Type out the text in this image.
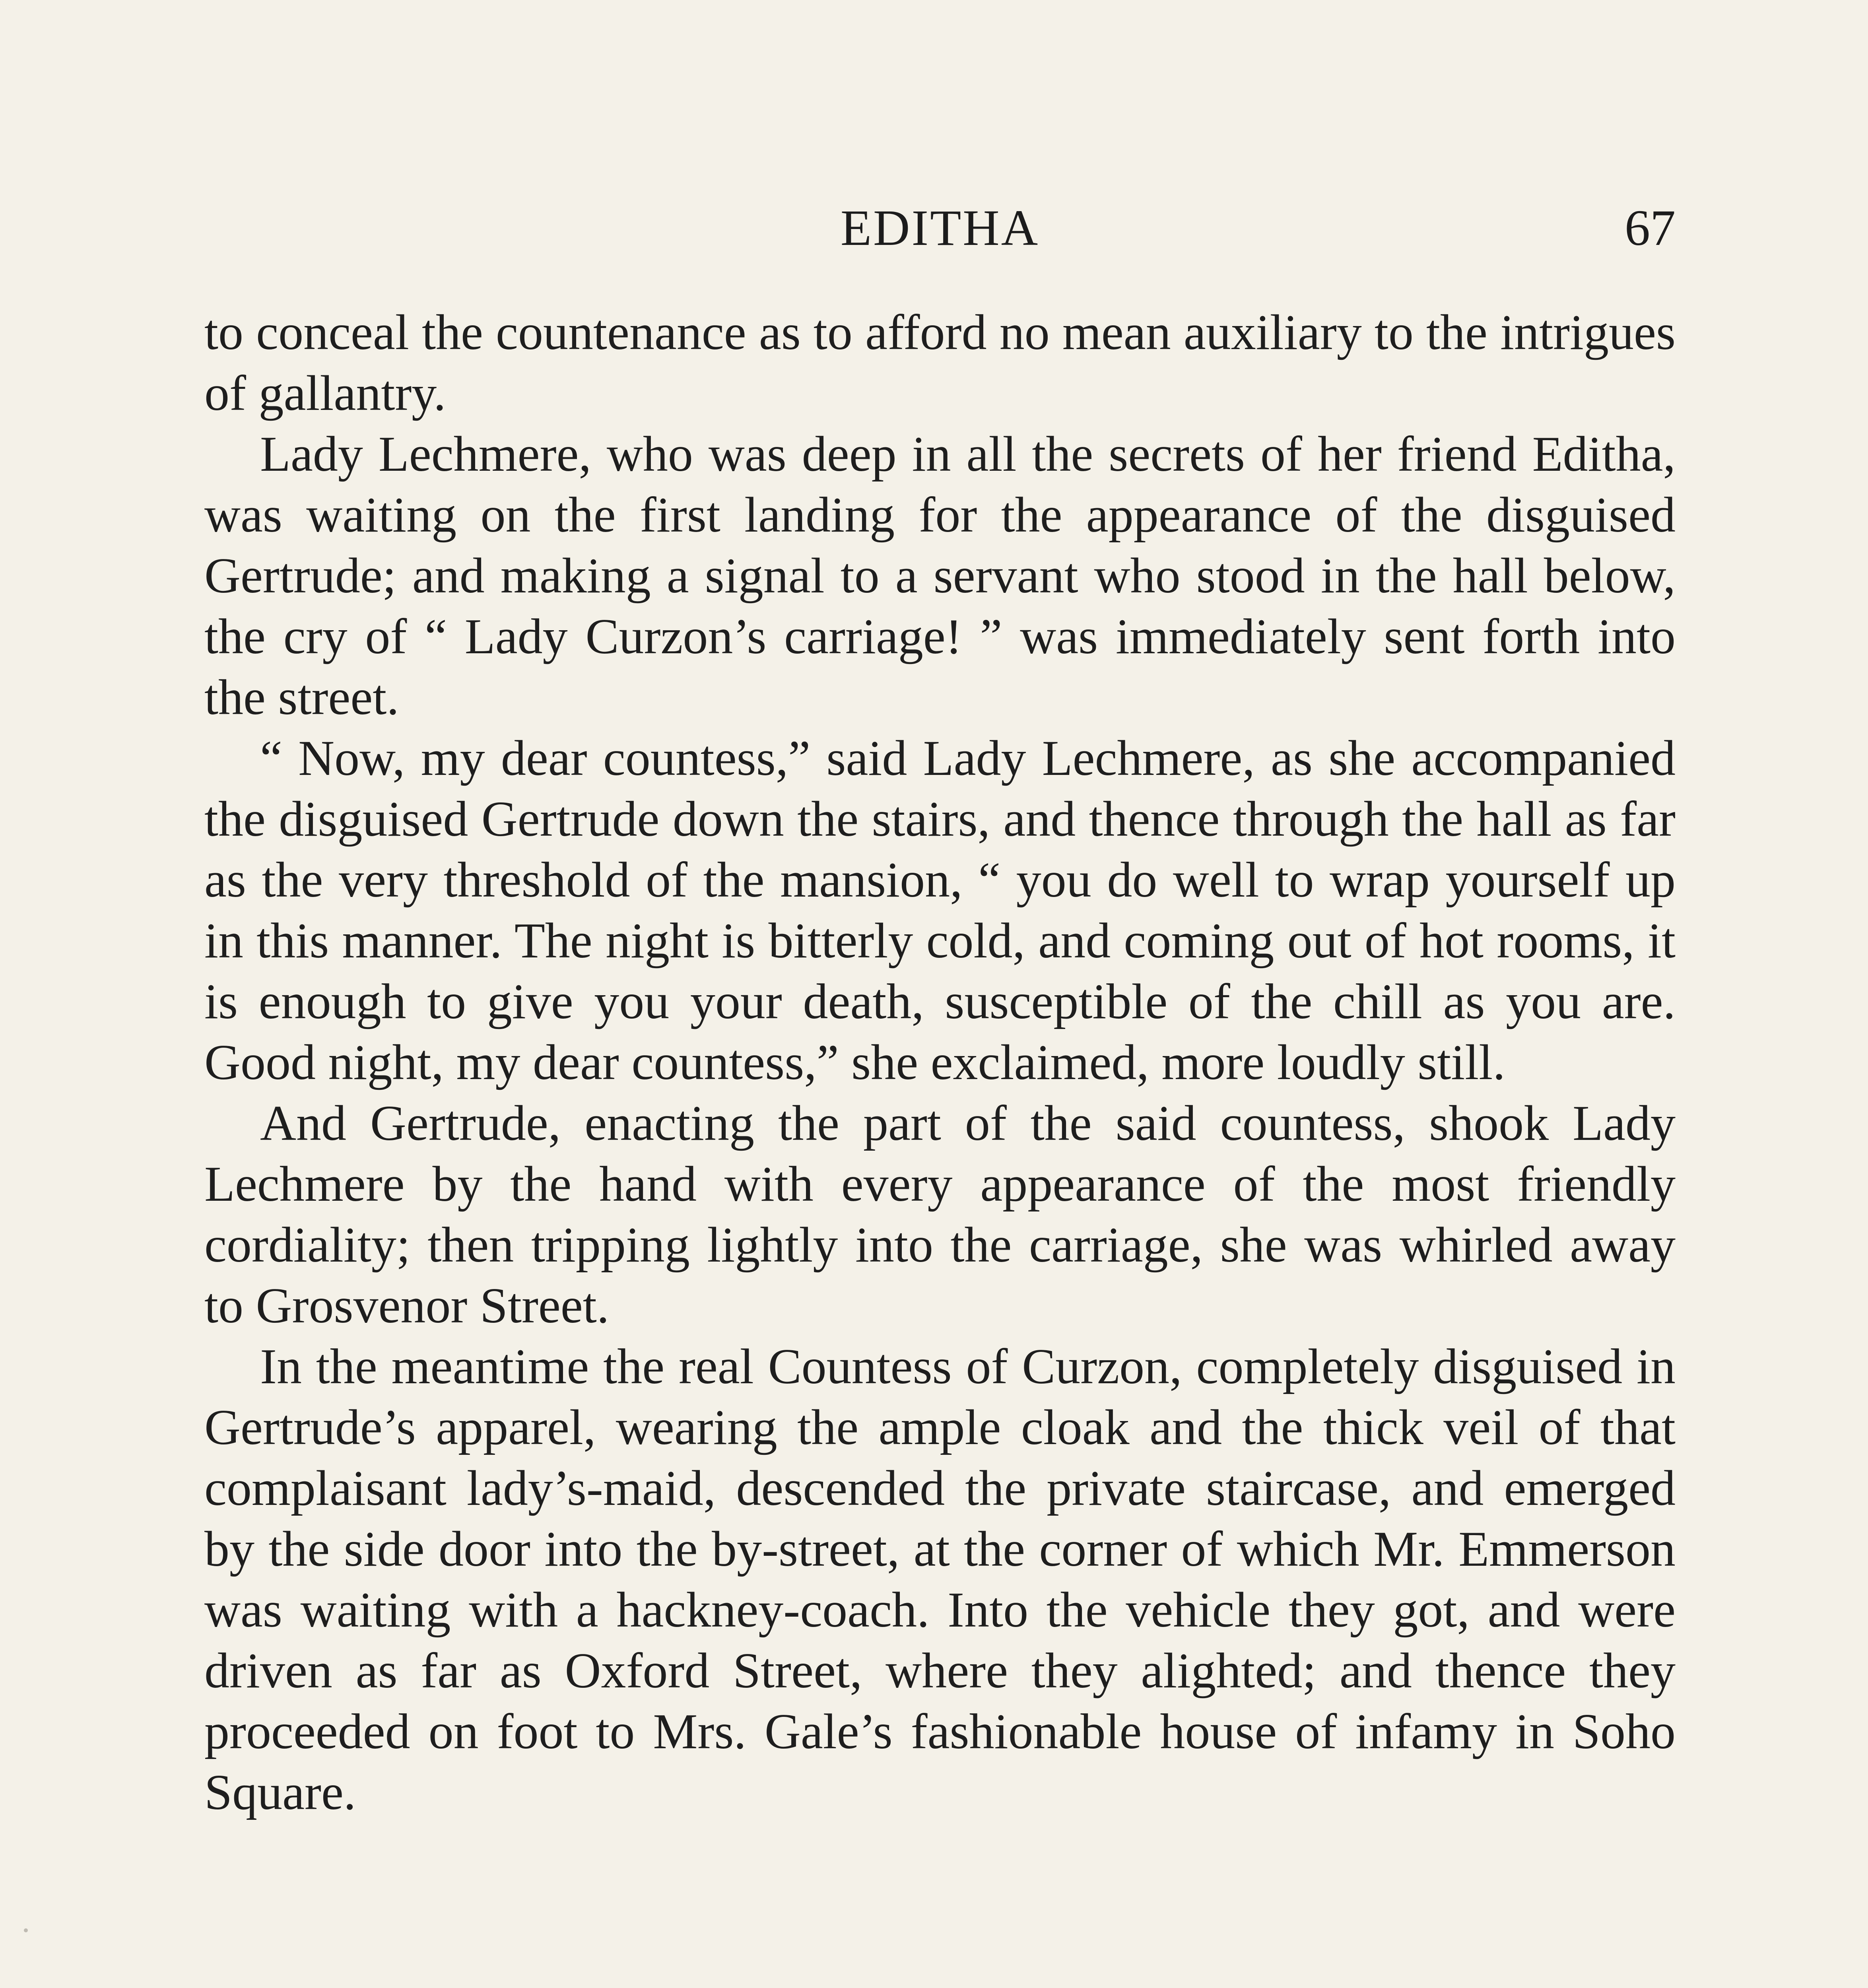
EDITHA	67

to conceal the countenance as to afford no mean auxiliary to the intrigues of gallantry.

Lady Lechmere, who was deep in all the secrets of her friend Editha, was waiting on the first landing for the appearance of the disguised Gertrude; and making a signal to a servant who stood in the hall below, the cry of “ Lady Curzon’s carriage! ” was immediately sent forth into the street.

“ Now, my dear countess,” said Lady Lechmere, as she accompanied the disguised Gertrude down the stairs, and thence through the hall as far as the very threshold of the mansion, “ you do well to wrap yourself up in this manner. The night is bitterly cold, and coming out of hot rooms, it is enough to give you your death, susceptible of the chill as you are. Good night, my dear countess,” she exclaimed, more loudly still.

And Gertrude, enacting the part of the said countess, shook Lady Lechmere by the hand with every appearance of the most friendly cordiality; then tripping lightly into the carriage, she was whirled away to Grosvenor Street.

In the meantime the real Countess of Curzon, completely disguised in Gertrude’s apparel, wearing the ample cloak and the thick veil of that complaisant lady’s-maid, descended the private staircase, and emerged by the side door into the by-street, at the corner of which Mr. Emmerson was waiting with a hackney-coach. Into the vehicle they got, and were driven as far as Oxford Street, where they alighted; and thence they proceeded on foot to Mrs. Gale’s fashionable house of infamy in Soho Square.
